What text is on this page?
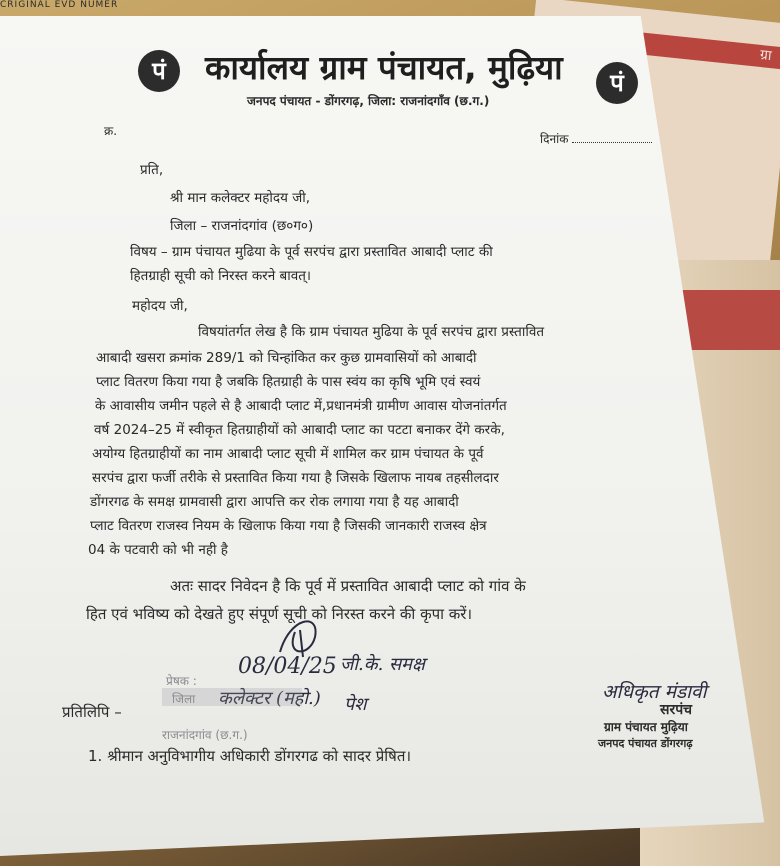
CRIGINAL EVD NUMER
ग्रा
पं	पं
कार्यालय ग्राम पंचायत, मुढ़िया
जनपद पंचायत - डोंगरगढ़, जिला: राजनांदगाँव (छ.ग.)
क्र.
दिनांक
प्रति,
श्री मान कलेक्टर महोदय जी,
जिला – राजनांदगांव (छ०ग०)
विषय – ग्राम पंचायत मुढिया के पूर्व सरपंच द्वारा प्रस्तावित आबादी प्लाट की
हितग्राही सूची को निरस्त करने बावत्।
महोदय जी,
विषयांतर्गत लेख है कि ग्राम पंचायत मुढिया के पूर्व सरपंच द्वारा प्रस्तावित
आबादी खसरा क्रमांक 289/1 को चिन्हांकित कर कुछ ग्रामवासियों को आबादी
प्लाट वितरण किया गया है जबकि हितग्राही के पास स्वंय का कृषि भूमि एवं स्वयं
के आवासीय जमीन पहले से है आबादी प्लाट में,प्रधानमंत्री ग्रामीण आवास योजनांतर्गत
वर्ष 2024–25 में स्वीकृत हितग्राहीयों को आबादी प्लाट का पटटा बनाकर देंगे करके,
अयोग्य हितग्राहीयों का नाम आबादी प्लाट सूची में शामिल कर ग्राम पंचायत के पूर्व
सरपंच द्वारा फर्जी तरीके से प्रस्तावित किया गया है जिसके खिलाफ नायब तहसीलदार
डोंगरगढ के समक्ष ग्रामवासी द्वारा आपत्ति कर रोक लगाया गया है यह आबादी
प्लाट वितरण राजस्व नियम के खिलाफ किया गया है जिसकी जानकारी राजस्व क्षेत्र
04 के पटवारी को भी नही है
अतः सादर निवेदन है कि पूर्व में प्रस्तावित आबादी प्लाट को गांव के
हित एवं भविष्य को देखते हुए संपूर्ण सूची को निरस्त करने की कृपा करें।
08/04/25 जी.के. समक्ष
कलेक्टर (महो.) पेश
प्रेषक :
जिला
राजनांदगांव (छ.ग.)
प्रतिलिपि –
1. श्रीमान अनुविभागीय अधिकारी डोंगरगढ को सादर प्रेषित।
अधिकृत मंडावी
सरपंच
ग्राम पंचायत मुढ़िया
जनपद पंचायत डोंगरगढ़
